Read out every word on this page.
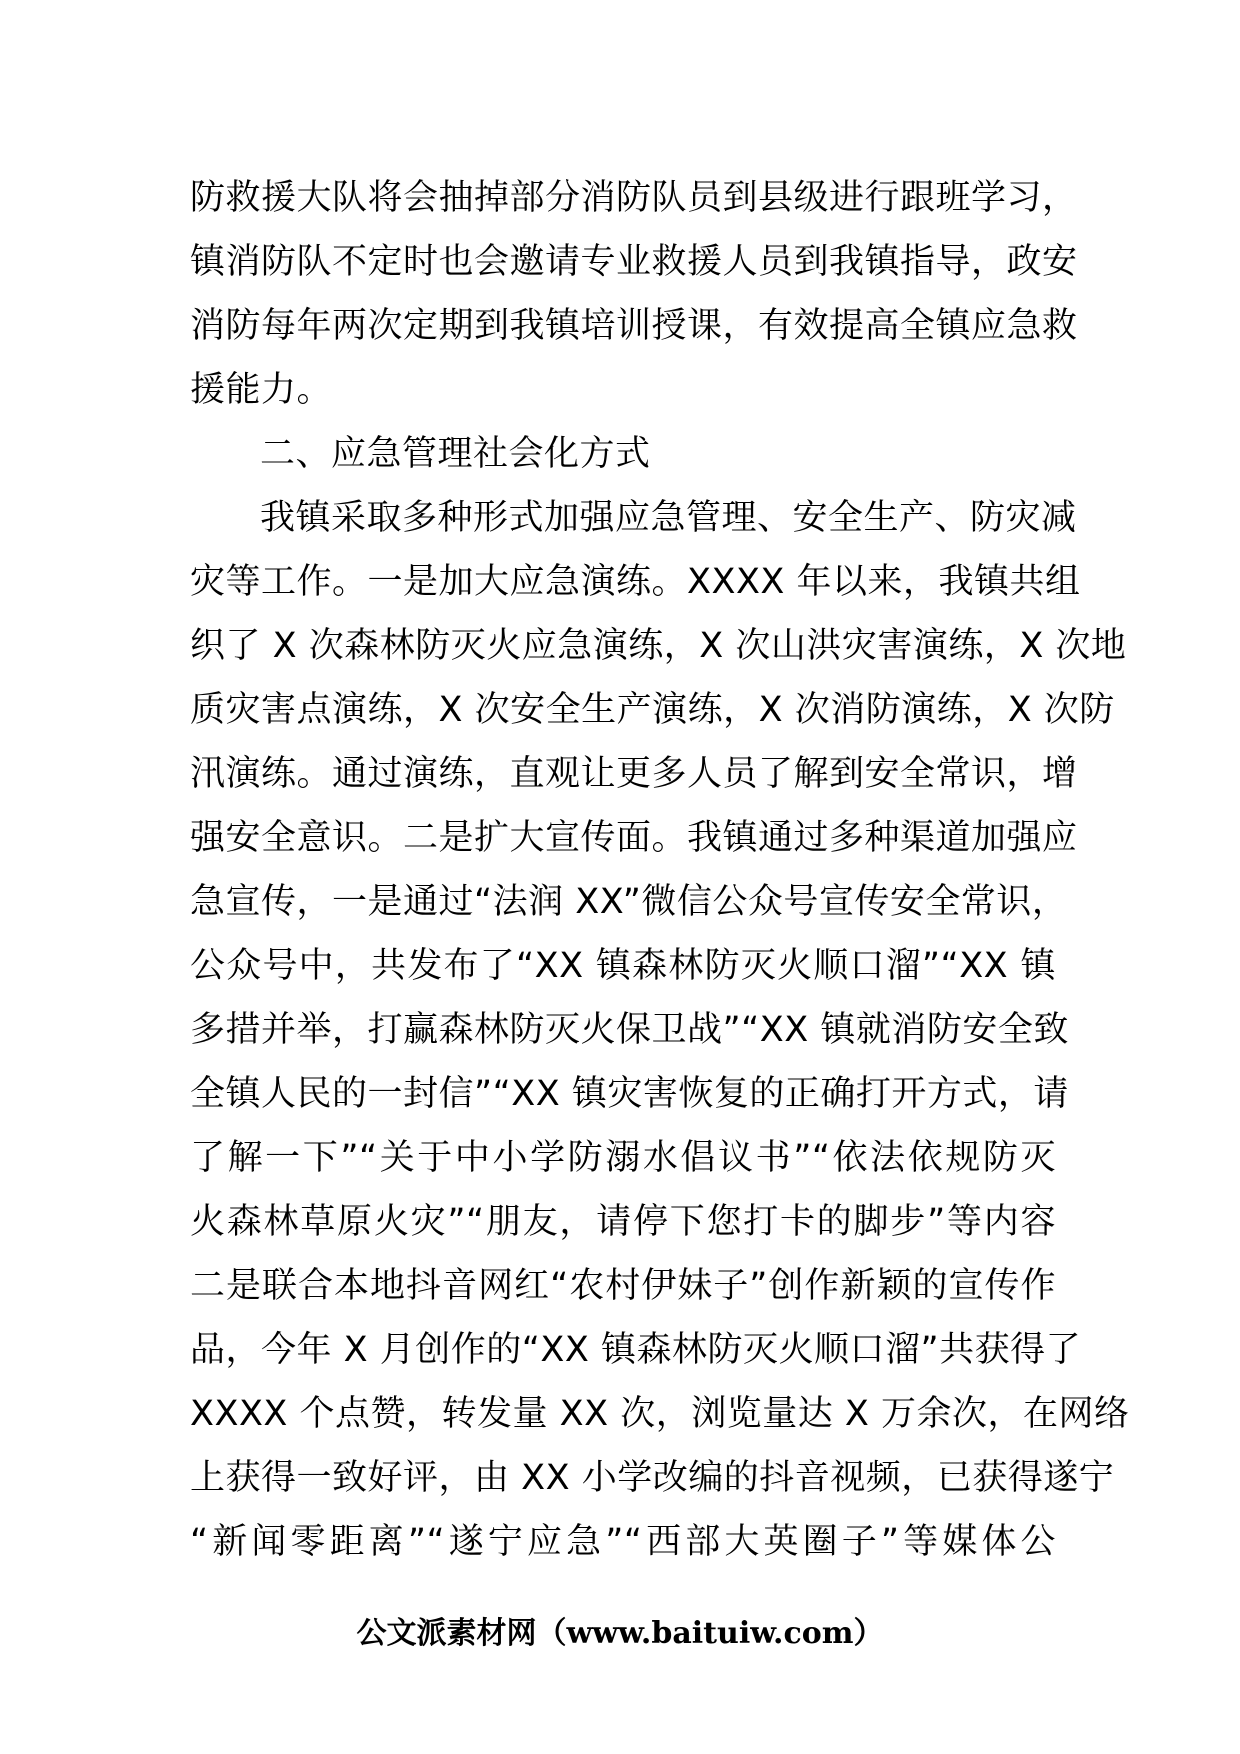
防救援大队将会抽掉部分消防队员到县级进行跟班学习，
镇消防队不定时也会邀请专业救援人员到我镇指导，政安
消防每年两次定期到我镇培训授课，有效提高全镇应急救
援能力。
二、应急管理社会化方式
我镇采取多种形式加强应急管理、安全生产、防灾减
灾等工作。一是加大应急演练。XXXX 年以来，我镇共组
织了 X 次森林防灭火应急演练，X 次山洪灾害演练，X 次地
质灾害点演练，X 次安全生产演练，X 次消防演练，X 次防
汛演练。通过演练，直观让更多人员了解到安全常识，增
强安全意识。二是扩大宣传面。我镇通过多种渠道加强应
急宣传，一是通过“法润 XX”微信公众号宣传安全常识，
公众号中，共发布了“XX 镇森林防灭火顺口溜”“XX 镇
多措并举，打赢森林防灭火保卫战”“XX 镇就消防安全致
全镇人民的一封信”“XX 镇灾害恢复的正确打开方式，请
了解一下”“关于中小学防溺水倡议书”“依法依规防灭
火森林草原火灾”“朋友，请停下您打卡的脚步”等内容
二是联合本地抖音网红“农村伊妹子”创作新颖的宣传作
品，今年 X 月创作的“XX 镇森林防灭火顺口溜”共获得了
XXXX 个点赞，转发量 XX 次，浏览量达 X 万余次，在网络
上获得一致好评，由 XX 小学改编的抖音视频，已获得遂宁
“新闻零距离”“遂宁应急”“西部大英圈子”等媒体公
公文派素材网（www.baituiw.com）
